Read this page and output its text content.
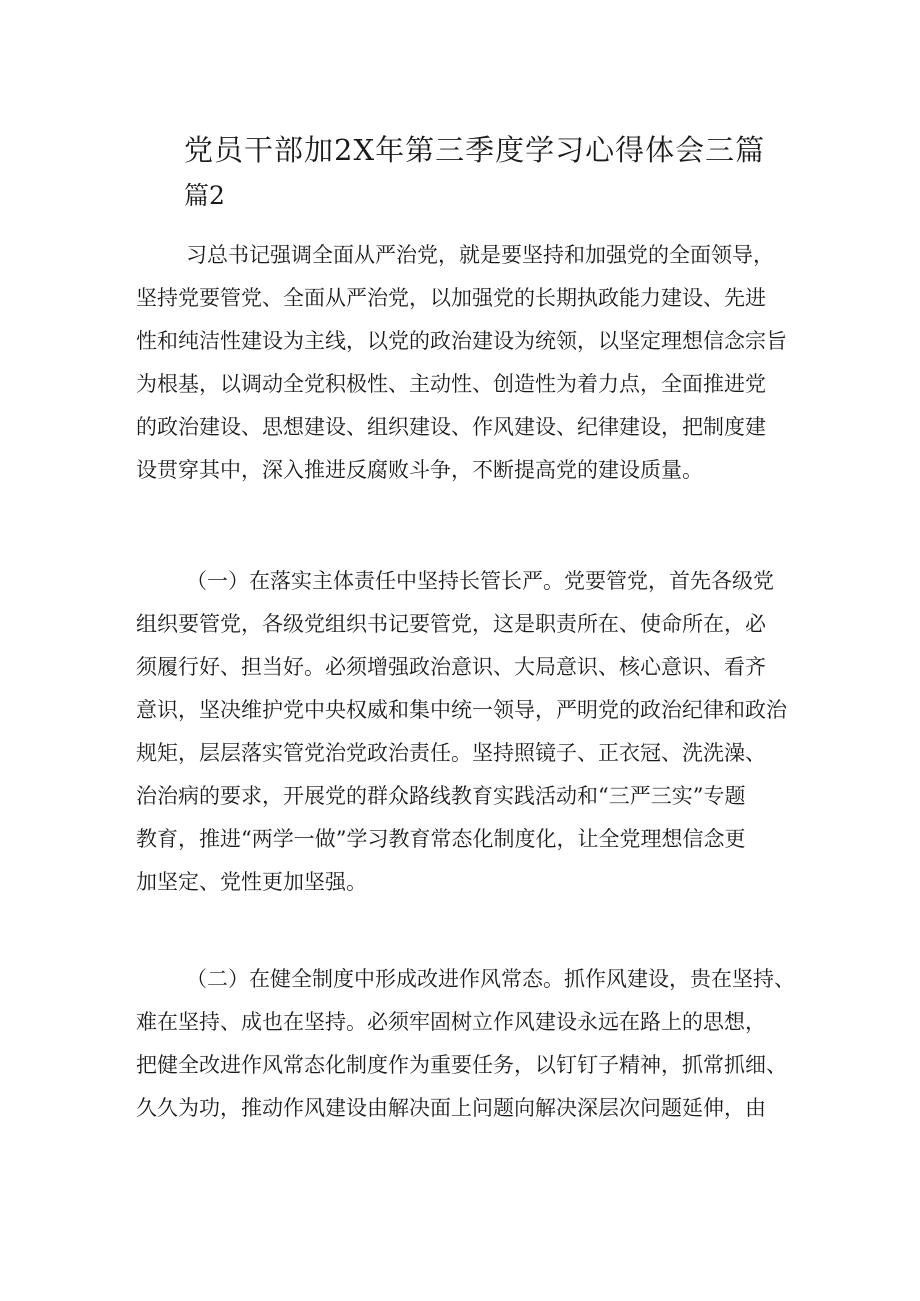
党员干部加2X年第三季度学习心得体会三篇
篇2
习总书记强调全面从严治党，就是要坚持和加强党的全面领导，
坚持党要管党、全面从严治党，以加强党的长期执政能力建设、先进
性和纯洁性建设为主线，以党的政治建设为统领，以坚定理想信念宗旨
为根基，以调动全党积极性、主动性、创造性为着力点，全面推进党
的政治建设、思想建设、组织建设、作风建设、纪律建设，把制度建
设贯穿其中，深入推进反腐败斗争，不断提高党的建设质量。
（一）在落实主体责任中坚持长管长严。党要管党，首先各级党
组织要管党，各级党组织书记要管党，这是职责所在、使命所在，必
须履行好、担当好。必须增强政治意识、大局意识、核心意识、看齐
意识，坚决维护党中央权威和集中统一领导，严明党的政治纪律和政治
规矩，层层落实管党治党政治责任。坚持照镜子、正衣冠、洗洗澡、
治治病的要求，开展党的群众路线教育实践活动和“三严三实”专题
教育，推进“两学一做”学习教育常态化制度化，让全党理想信念更
加坚定、党性更加坚强。
（二）在健全制度中形成改进作风常态。抓作风建设，贵在坚持、
难在坚持、成也在坚持。必须牢固树立作风建设永远在路上的思想，
把健全改进作风常态化制度作为重要任务，以钉钉子精神，抓常抓细、
久久为功，推动作风建设由解决面上问题向解决深层次问题延伸，由
